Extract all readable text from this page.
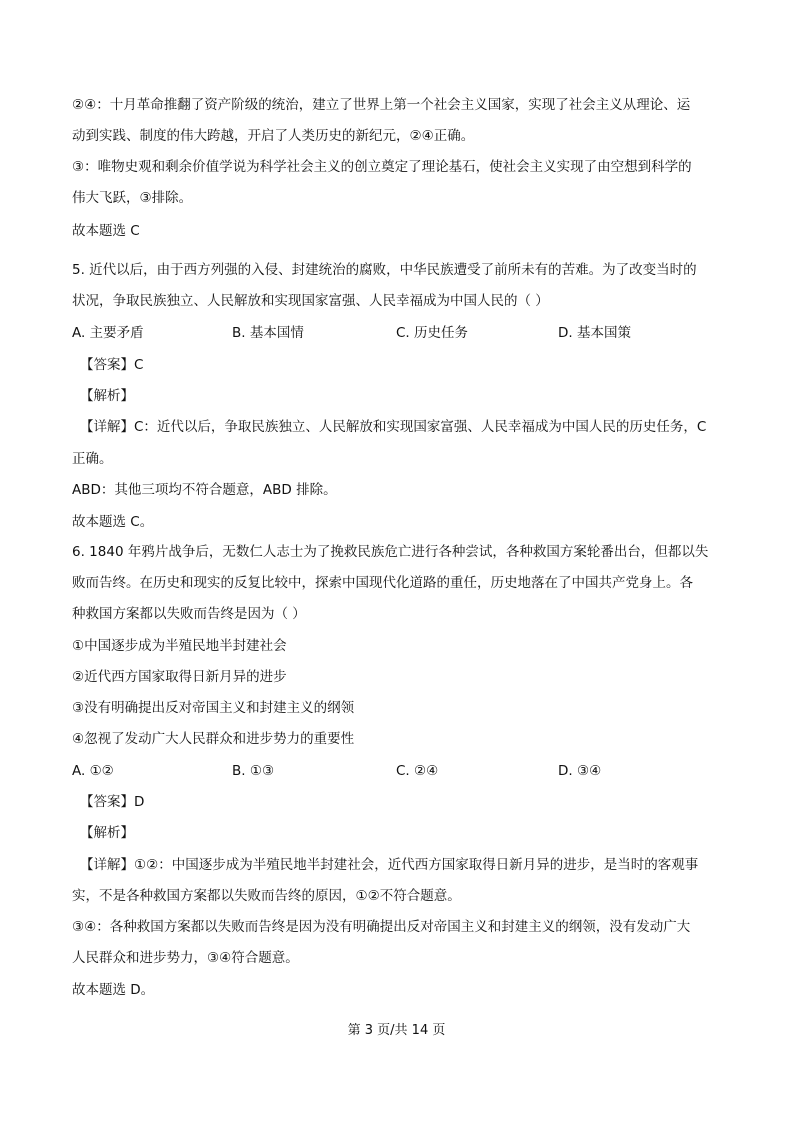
②④：十月革命推翻了资产阶级的统治，建立了世界上第一个社会主义国家，实现了社会主义从理论、运
动到实践、制度的伟大跨越，开启了人类历史的新纪元，②④正确。
③：唯物史观和剩余价值学说为科学社会主义的创立奠定了理论基石，使社会主义实现了由空想到科学的
伟大飞跃，③排除。
故本题选 C
5. 近代以后，由于西方列强的入侵、封建统治的腐败，中华民族遭受了前所未有的苦难。为了改变当时的
状况，争取民族独立、人民解放和实现国家富强、人民幸福成为中国人民的（ ）
A. 主要矛盾	B. 基本国情	C. 历史任务	D. 基本国策
【答案】C
【解析】
【详解】C：近代以后，争取民族独立、人民解放和实现国家富强、人民幸福成为中国人民的历史任务，C
正确。
ABD：其他三项均不符合题意，ABD 排除。
故本题选 C。
6. 1840 年鸦片战争后，无数仁人志士为了挽救民族危亡进行各种尝试，各种救国方案轮番出台，但都以失
败而告终。在历史和现实的反复比较中，探索中国现代化道路的重任，历史地落在了中国共产党身上。各
种救国方案都以失败而告终是因为（ ）
①中国逐步成为半殖民地半封建社会
②近代西方国家取得日新月异的进步
③没有明确提出反对帝国主义和封建主义的纲领
④忽视了发动广大人民群众和进步势力的重要性
A. ①②	B. ①③	C. ②④	D. ③④
【答案】D
【解析】
【详解】①②：中国逐步成为半殖民地半封建社会，近代西方国家取得日新月异的进步，是当时的客观事
实，不是各种救国方案都以失败而告终的原因，①②不符合题意。
③④：各种救国方案都以失败而告终是因为没有明确提出反对帝国主义和封建主义的纲领，没有发动广大
人民群众和进步势力，③④符合题意。
故本题选 D。
第 3 页/共 14 页
